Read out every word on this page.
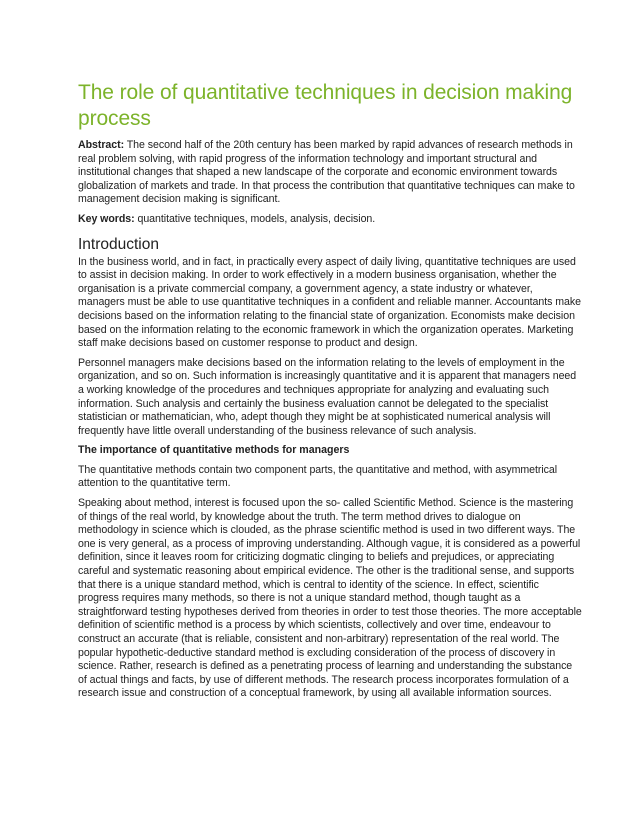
The role of quantitative techniques in decision making process

Abstract: The second half of the 20th century has been marked by rapid advances of research methods in real problem solving, with rapid progress of the information technology and important structural and institutional changes that shaped a new landscape of the corporate and economic environment towards globalization of markets and trade. In that process the contribution that quantitative techniques can make to management decision making is significant.

Key words: quantitative techniques, models, analysis, decision.

Introduction

In the business world, and in fact, in practically every aspect of daily living, quantitative techniques are used to assist in decision making. In order to work effectively in a modern business organisation, whether the organisation is a private commercial company, a government agency, a state industry or whatever, managers must be able to use quantitative techniques in a confident and reliable manner. Accountants make decisions based on the information relating to the financial state of organization. Economists make decision based on the information relating to the economic framework in which the organization operates. Marketing staff make decisions based on customer response to product and design.

Personnel managers make decisions based on the information relating to the levels of employment in the organization, and so on. Such information is increasingly quantitative and it is apparent that managers need a working knowledge of the procedures and techniques appropriate for analyzing and evaluating such information. Such analysis and certainly the business evaluation cannot be delegated to the specialist statistician or mathematician, who, adept though they might be at sophisticated numerical analysis will frequently have little overall understanding of the business relevance of such analysis.

The importance of quantitative methods for managers

The quantitative methods contain two component parts, the quantitative and method, with asymmetrical attention to the quantitative term.

Speaking about method, interest is focused upon the so- called Scientific Method. Science is the mastering of things of the real world, by knowledge about the truth. The term method drives to dialogue on methodology in science which is clouded, as the phrase scientific method is used in two different ways. The one is very general, as a process of improving understanding. Although vague, it is considered as a powerful definition, since it leaves room for criticizing dogmatic clinging to beliefs and prejudices, or appreciating careful and systematic reasoning about empirical evidence. The other is the traditional sense, and supports that there is a unique standard method, which is central to identity of the science. In effect, scientific progress requires many methods, so there is not a unique standard method, though taught as a straightforward testing hypotheses derived from theories in order to test those theories. The more acceptable definition of scientific method is a process by which scientists, collectively and over time, endeavour to construct an accurate (that is reliable, consistent and non-arbitrary) representation of the real world. The popular hypothetic-deductive standard method is excluding consideration of the process of discovery in science. Rather, research is defined as a penetrating process of learning and understanding the substance of actual things and facts, by use of different methods. The research process incorporates formulation of a research issue and construction of a conceptual framework, by using all available information sources.
